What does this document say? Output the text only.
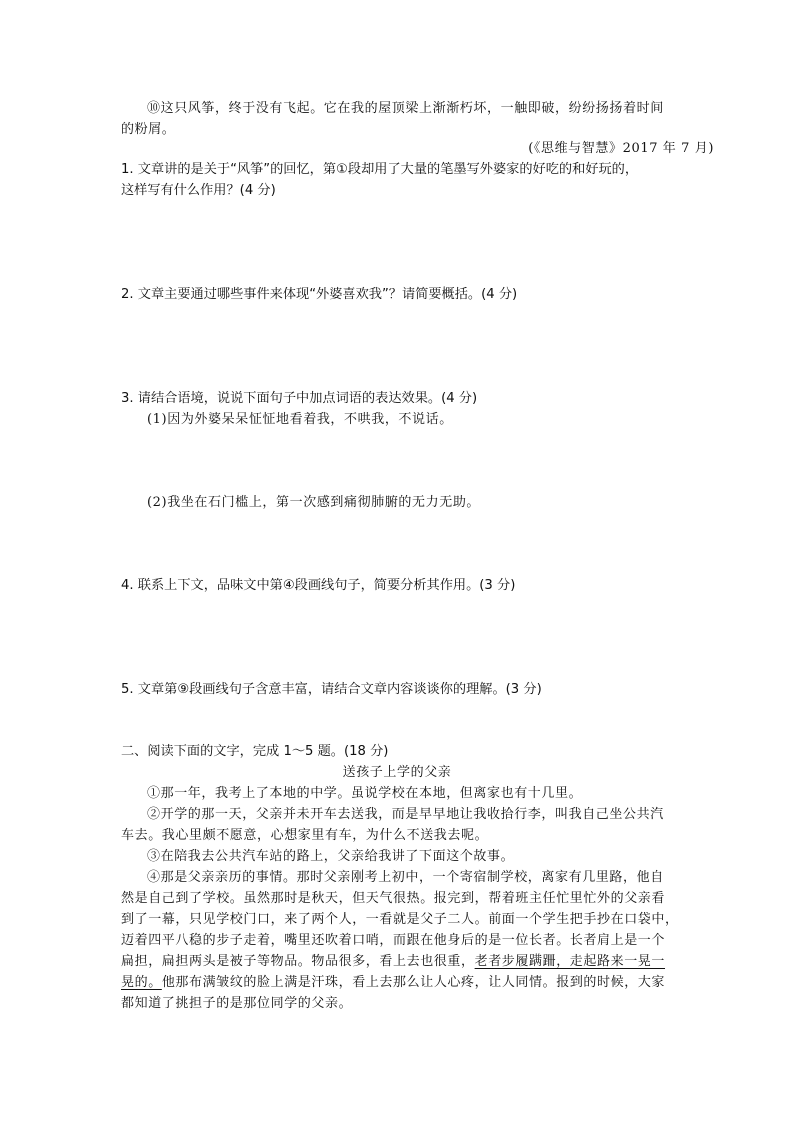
⑩这只风筝，终于没有飞起。它在我的屋顶梁上渐渐朽坏，一触即破，纷纷扬扬着时间
的粉屑。
(《思维与智慧》2017 年 7 月)
1. 文章讲的是关于“风筝”的回忆，第①段却用了大量的笔墨写外婆家的好吃的和好玩的，
这样写有什么作用？(4 分)
2. 文章主要通过哪些事件来体现“外婆喜欢我”？请简要概括。(4 分)
3. 请结合语境，说说下面句子中加点词语的表达效果。(4 分)
(1)因为外婆呆呆怔怔地看着我，不哄我，不说话。
(2)我坐在石门槛上，第一次感到痛彻肺腑的无力无助。
4. 联系上下文，品味文中第④段画线句子，简要分析其作用。(3 分)
5. 文章第⑨段画线句子含意丰富，请结合文章内容谈谈你的理解。(3 分)
二、阅读下面的文字，完成 1～5 题。(18 分)
送孩子上学的父亲
①那一年，我考上了本地的中学。虽说学校在本地，但离家也有十几里。
②开学的那一天，父亲并未开车去送我，而是早早地让我收拾行李，叫我自己坐公共汽
车去。我心里颇不愿意，心想家里有车，为什么不送我去呢。
③在陪我去公共汽车站的路上，父亲给我讲了下面这个故事。
④那是父亲亲历的事情。那时父亲刚考上初中，一个寄宿制学校，离家有几里路，他自
然是自己到了学校。虽然那时是秋天，但天气很热。报完到，帮着班主任忙里忙外的父亲看
到了一幕，只见学校门口，来了两个人，一看就是父子二人。前面一个学生把手抄在口袋中，
迈着四平八稳的步子走着，嘴里还吹着口哨，而跟在他身后的是一位长者。长者肩上是一个
扁担，扁担两头是被子等物品。物品很多，看上去也很重，老者步履蹒跚，走起路来一晃一
晃的。他那布满皱纹的脸上满是汗珠，看上去那么让人心疼，让人同情。报到的时候，大家
都知道了挑担子的是那位同学的父亲。
